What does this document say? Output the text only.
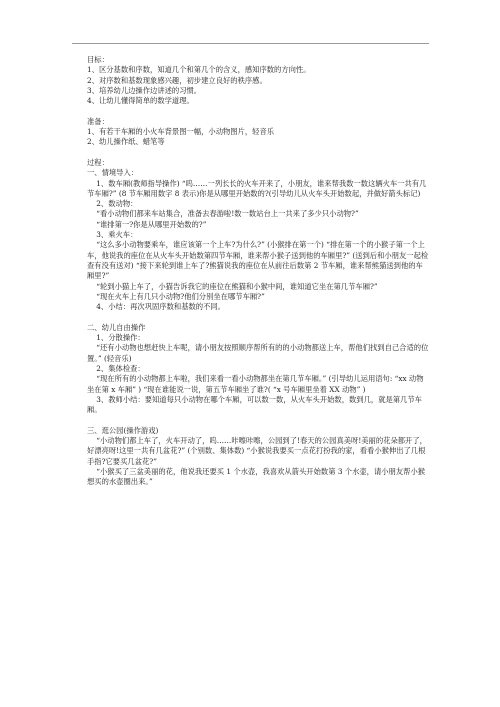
目标：

1、区分基数和序数，知道几个和第几个的含义，感知序数的方向性。

2、对序数和基数现象感兴趣，初步建立良好的秩序感。

3、培养幼儿边操作边讲述的习惯。

4、让幼儿懂得简单的数学道理。

准备：

1、有若干车厢的小火车背景图一幅，小动物图片，轻音乐

2、幼儿操作纸、蜡笔等

过程：

一、情境导入：

1、数车厢(教师指导操作) “呜……一列长长的火车开来了，小朋友，谁来帮我数一数这辆火车一共有几节车厢?” (8 节车厢用数字 8 表示)你是从哪里开始数的?(引导幼儿从火车头开始数起，并做好箭头标记)

2、数动物：

“看小动物们都来车站集合，准备去春游啦!数一数站台上一共来了多少只小动物?”

“谁排第一?你是从哪里开始数的?”

3、乘火车：

“这么多小动物要乘车，谁应该第一个上车?为什么?” (小猴排在第一个) “排在第一个的小猴子第一个上车，他说我的座位在从火车头开始数第四节车厢，谁来帮小猴子送到他的车厢里?” (送到后和小朋友一起检查有没有送对) “接下来轮到谁上车了?熊猫说我的座位在从前往后数第 2 节车厢，谁来帮熊猫送到他的车厢里?”

“轮到小猫上车了，小猫告诉我它的座位在熊猫和小猴中间，谁知道它坐在第几节车厢?”

“现在火车上有几只小动物?他们分别坐在哪节车厢?”

4、小结：再次巩固序数和基数的不同。

二、幼儿自由操作

1、分散操作：

“还有小动物也想赶快上车呢，请小朋友按照顺序帮所有的的小动物都送上车，帮他们找到自己合适的位置。” (轻音乐)

2、集体检查：

“现在所有的小动物都上车啦，我们来看一看小动物都坐在第几节车厢。” (引导幼儿运用语句: “xx 动物坐在第 x 车厢” ) “现在谁能说一说，第五节车厢坐了谁?( “x 号车厢里坐着 XX 动物” )

3、教师小结：要知道每只小动物在哪个车厢，可以数一数，从火车头开始数，数到几，就是第几节车厢。

三、逛公园(操作游戏)

“小动物们都上车了，火车开动了，呜……咔嚓咔嚓，公园到了!春天的公园真美呀!美丽的花朵都开了，好漂亮呀!这里一共有几盆花?” (个别数、集体数) “小猴说我要买一点花打扮我的家，看看小猴伸出了几根手指?它要买几盆花?”

“小猴买了三盆美丽的花，他说我还要买 1 个水壶，我喜欢从箭头开始数第 3 个水壶，请小朋友帮小猴想买的水壶圈出来。”
